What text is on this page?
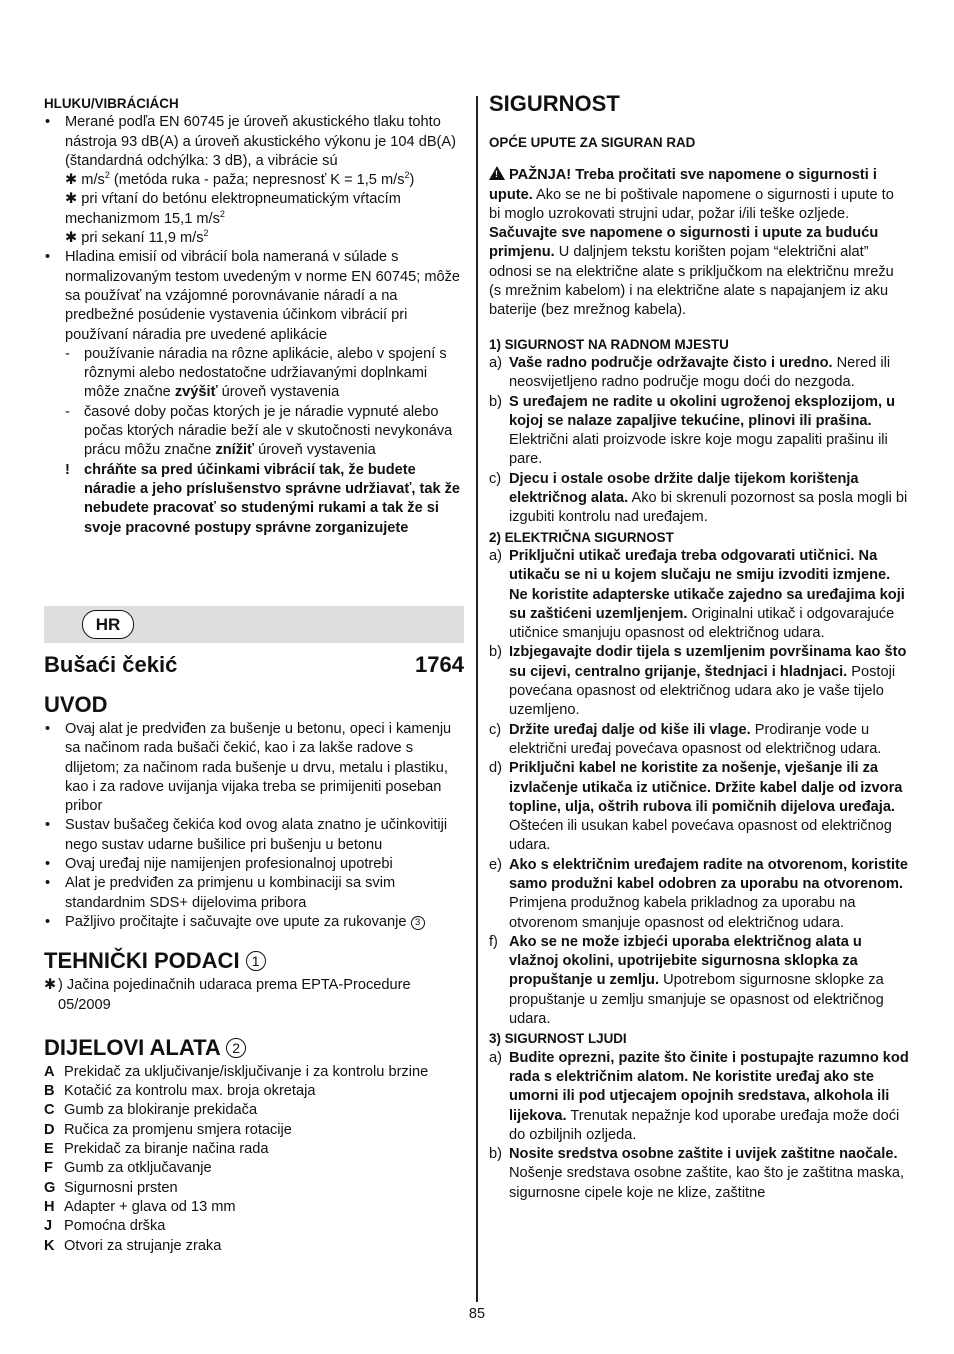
HLUKU/VIBRÁCIÁCH
• Merané podľa EN 60745 je úroveň akustického tlaku tohto nástroja 93 dB(A) a úroveň akustického výkonu je 104 dB(A) (štandardná odchýlka: 3 dB), a vibrácie sú
✱ $m/s^2$ (metóda ruka - paža; nepresnosť K = 1,5 $m/s^2$)
✱ pri vŕtaní do betónu elektropneumatickým vŕtacím mechanizmom 15,1 $m/s^2$
✱ pri sekaní 11,9 $m/s^2$
• Hladina emisií od vibrácií bola nameraná v súlade s normalizovaným testom uvedeným v norme EN 60745; môže sa používať na vzájomné porovnávanie náradí a na predbežné posúdenie vystavenia účinkom vibrácií pri používaní náradia pre uvedené aplikácie
- používanie náradia na rôzne aplikácie, alebo v spojení s rôznymi alebo nedostatočne udržiavanými doplnkami môže značne zvýšiť úroveň vystavenia
- časové doby počas ktorých je je náradie vypnuté alebo počas ktorých náradie beží ale v skutočnosti nevykonáva prácu môžu značne znížiť úroveň vystavenia
! chráňte sa pred účinkami vibrácií tak, že budete náradie a jeho príslušenstvo správne udržiavať, tak že nebudete pracovať so studenými rukami a tak že si svoje pracovné postupy správne zorganizujete
HR
Bušaći čekić	1764
UVOD
• Ovaj alat je predviđen za bušenje u betonu, opeci i kamenju sa načinom rada bušači čekić, kao i za lakše radove s dlijetom; za načinom rada bušenje u drvu, metalu i plastiku, kao i za radove uvijanja vijaka treba se primijeniti poseban pribor
• Sustav bušačeg čekića kod ovog alata znatno je učinkovitiji nego sustav udarne bušilice pri bušenju u betonu
• Ovaj uređaj nije namijenjen profesionalnoj upotrebi
• Alat je predviđen za primjenu u kombinaciji sa svim standardnim SDS+ dijelovima pribora
• Pažljivo pročitajte i sačuvajte ove upute za rukovanje 3
TEHNIČKI PODACI 1
✱ ) Jačina pojedinačnih udaraca prema EPTA-Procedure 05/2009
DIJELOVI ALATA 2
A Prekidač za uključivanje/isključivanje i za kontrolu brzine
B Kotačić za kontrolu max. broja okretaja
C Gumb za blokiranje prekidača
D Ručica za promjenu smjera rotacije
E Prekidač za biranje načina rada
F Gumb za otključavanje
G Sigurnosni prsten
H Adapter + glava od 13 mm
J Pomoćna drška
K Otvori za strujanje zraka
SIGURNOST
OPĆE UPUTE ZA SIGURAN RAD
!PAŽNJA! Treba pročitati sve napomene o sigurnosti i upute. Ako se ne bi poštivale napomene o sigurnosti i upute to bi moglo uzrokovati strujni udar, požar i/ili teške ozljede. Sačuvajte sve napomene o sigurnosti i upute za buduću primjenu. U daljnjem tekstu korišten pojam “električni alat” odnosi se na električne alate s priključkom na električnu mrežu (s mrežnim kabelom) i na električne alate s napajanjem iz aku baterije (bez mrežnog kabela).
1) SIGURNOST NA RADNOM MJESTU
a) Vaše radno područje održavajte čisto i uredno. Nered ili neosvijetljeno radno područje mogu doći do nezgoda.
b) S uređajem ne radite u okolini ugroženoj eksplozijom, u kojoj se nalaze zapaljive tekućine, plinovi ili prašina. Električni alati proizvode iskre koje mogu zapaliti prašinu ili pare.
c) Djecu i ostale osobe držite dalje tijekom korištenja električnog alata. Ako bi skrenuli pozornost sa posla mogli bi izgubiti kontrolu nad uređajem.
2) ELEKTRIČNA SIGURNOST
a) Priključni utikač uređaja treba odgovarati utičnici. Na utikaču se ni u kojem slučaju ne smiju izvoditi izmjene. Ne koristite adapterske utikače zajedno sa uređajima koji su zaštićeni uzemljenjem. Originalni utikač i odgovarajuće utičnice smanjuju opasnost od električnog udara.
b) Izbjegavajte dodir tijela s uzemljenim površinama kao što su cijevi, centralno grijanje, štednjaci i hladnjaci. Postoji povećana opasnost od električnog udara ako je vaše tijelo uzemljeno.
c) Držite uređaj dalje od kiše ili vlage. Prodiranje vode u električni uređaj povećava opasnost od električnog udara.
d) Priključni kabel ne koristite za nošenje, vješanje ili za izvlačenje utikača iz utičnice. Držite kabel dalje od izvora topline, ulja, oštrih rubova ili pomičnih dijelova uređaja. Oštećen ili usukan kabel povećava opasnost od električnog udara.
e) Ako s električnim uređajem radite na otvorenom, koristite samo produžni kabel odobren za uporabu na otvorenom. Primjena produžnog kabela prikladnog za uporabu na otvorenom smanjuje opasnost od električnog udara.
f) Ako se ne može izbjeći uporaba električnog alata u vlažnoj okolini, upotrijebite sigurnosna sklopka za propuštanje u zemlju. Upotrebom sigurnosne sklopke za propuštanje u zemlju smanjuje se opasnost od električnog udara.
3) SIGURNOST LJUDI
a) Budite oprezni, pazite što činite i postupajte razumno kod rada s električnim alatom. Ne koristite uređaj ako ste umorni ili pod utjecajem opojnih sredstava, alkohola ili lijekova. Trenutak nepažnje kod uporabe uređaja može doći do ozbiljnih ozljeda.
b) Nosite sredstva osobne zaštite i uvijek zaštitne naočale. Nošenje sredstava osobne zaštite, kao što je zaštitna maska, sigurnosne cipele koje ne klize, zaštitne
85
